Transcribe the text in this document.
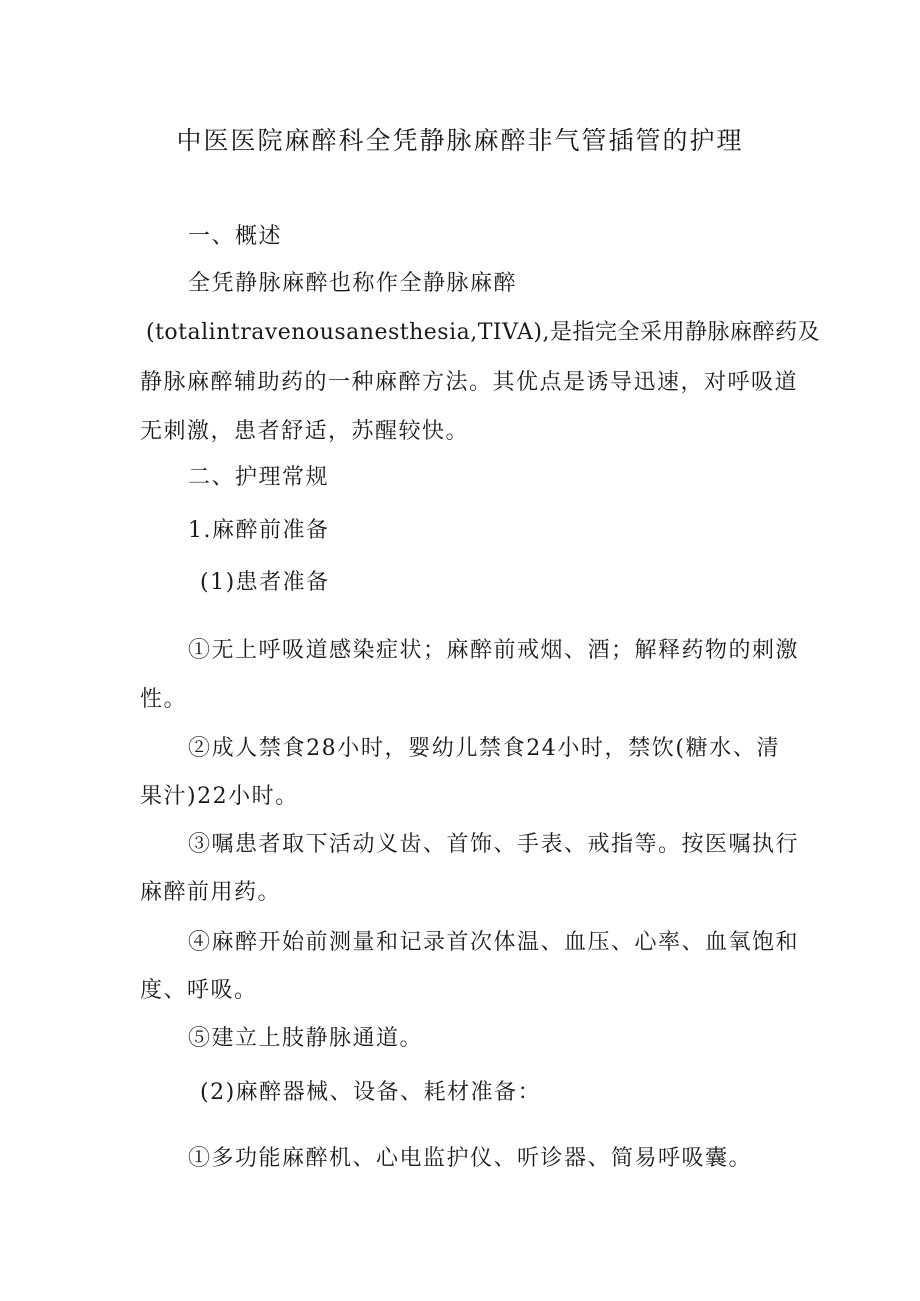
中医医院麻醉科全凭静脉麻醉非气管插管的护理
一、概述
全凭静脉麻醉也称作全静脉麻醉
(totalintravenousanesthesia,TIVA),是指完全采用静脉麻醉药及
静脉麻醉辅助药的一种麻醉方法。其优点是诱导迅速，对呼吸道
无刺激，患者舒适，苏醒较快。
二、护理常规
1.麻醉前准备
(1)患者准备
①无上呼吸道感染症状；麻醉前戒烟、酒；解释药物的刺激
性。
②成人禁食28小时，婴幼儿禁食24小时，禁饮(糖水、清
果汁)22小时。
③嘱患者取下活动义齿、首饰、手表、戒指等。按医嘱执行
麻醉前用药。
④麻醉开始前测量和记录首次体温、血压、心率、血氧饱和
度、呼吸。
⑤建立上肢静脉通道。
(2)麻醉器械、设备、耗材准备：
①多功能麻醉机、心电监护仪、听诊器、简易呼吸囊。
